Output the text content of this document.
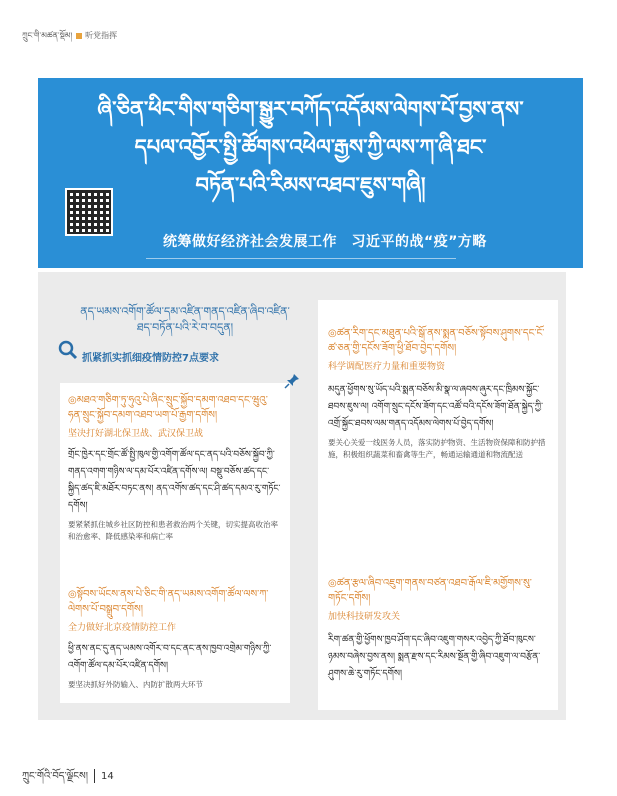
ཀྲུང་གི་མཚན་སྡོམ། 听党指挥
ཞི་ཅིན་ཕིང་གིས་གཅིག་སྒྱུར་བཀོད་འདོམས་ལེགས་པོ་བྱས་ནས་
དཔལ་འབྱོར་སྤྱི་ཚོགས་འཕེལ་རྒྱས་ཀྱི་ལས་ཀ་ཞི་ཐང་
བཏོན་པའི་རིམས་འཐབ་ཇུས་གཞི།
统筹做好经济社会发展工作　习近平的战“疫”方略
ནད་ཡམས་འགོག་ཚོལ་དམ་འཛིན་གནད་འཛིན་ཞིབ་འཛིན་ཐད་བཏོན་པའི་རེ་བ་བདུན།
抓紧抓实抓细疫情防控7点要求
◎མཐའ་གཅིག་ཏུ་ཧུའུ་པེ་ཞིང་སྲུང་སྐྱོབ་དམག་འཐབ་དང་ཝུའུ་ཧན་སྲུང་སྐྱོབ་དམག་འཐབ་ཡག་པོ་རྒྱག་དགོས།
坚决打好湖北保卫战、武汉保卫战
གྲོང་ཁྱེར་དང་གྲོང་ཚོ་སྤྱི་ཁུལ་གྱི་འགོག་ཚོལ་དང་ནད་པའི་བཅོས་སྐྱོབ་ཀྱི་གནད་འགག་གཉིས་ལ་དམ་པོར་འཛིན་དགོས་ལ། བསྡུ་བཅོས་ཚད་དང་སྐྱིད་ཚད་ཇི་མཐོར་བཏང་ནས། ནད་འགོས་ཚད་དང་ཤི་ཚད་དམའ་རུ་གཏོང་དགོས།
要紧紧抓住城乡社区防控和患者救治两个关键，切实提高收治率和治愈率、降低感染率和病亡率
◎སྟོབས་ཡོངས་ནས་པེ་ཅིང་གི་ནད་ཡམས་འགོག་ཚོལ་ལས་ཀ་ལེགས་པོ་བསྒྲུབ་དགོས།
全力做好北京疫情防控工作
ཕྱི་ནས་ནང་དུ་ནད་ཡམས་འགོར་བ་དང་ནང་ནས་ཁྱབ་འགྲེམ་གཉིས་ཀྱི་འགོག་ཚོལ་དམ་པོར་འཛིན་དགོས།
要坚决抓好外防输入、内防扩散两大环节
◎ཚན་རིག་དང་མཐུན་པའི་སྒོ་ནས་སྨན་བཅོས་སྟོབས་ཤུགས་དང་ངོ་ཚ་ཅན་གྱི་དངོས་ཟོག་ཕྱི་ཐོབ་བྱེད་དགོས།
科学调配医疗力量和重要物资
མདུན་ཕྱོགས་སུ་ཡོད་པའི་སྨན་བཅོས་མི་སྣ་ལ་ཞབས་ཞུར་དང་ཁྲིམས་སྐྱོང་ཐབས་ཇུས་ལ། འགོག་སྲུང་དངོས་ཟོག་དང་འཚོ་བའི་དངོས་ཟོག་ཐོན་སྐྱེད་ཀྱི་འགྲོ་སྐྱོང་ཐབས་ལམ་གནད་འདོམས་ལེགས་པོ་བྱེད་དགོས།
要关心关爱一线医务人员，落实防护物资、生活物资保障和防护措施，积极组织蔬菜和畜禽等生产，畅通运输通道和物流配送
◎ཚན་རྩལ་ཞིབ་འཇུག་གནས་བཙན་འཐབ་རྒོལ་ཇི་མགྱོགས་སུ་གཏོང་དགོས།
加快科技研发攻关
རིག་ཚན་གྱི་ཕྱོགས་ཁྱབ་ཤོག་དང་ཞིབ་འཇུག་གསར་འབྱེད་ཀྱི་ཐོབ་ཁུངས་ཉམས་བཞེས་བྱས་ནས། སྨན་རྫས་དང་རིམས་སྔོན་གྱི་ཞིབ་འཇུག་ལ་བརྩོན་ཤུགས་ཆེ་རུ་གཏོང་དགོས།
ཀྲུང་གོའི་བོད་ལྗོངས། 14
